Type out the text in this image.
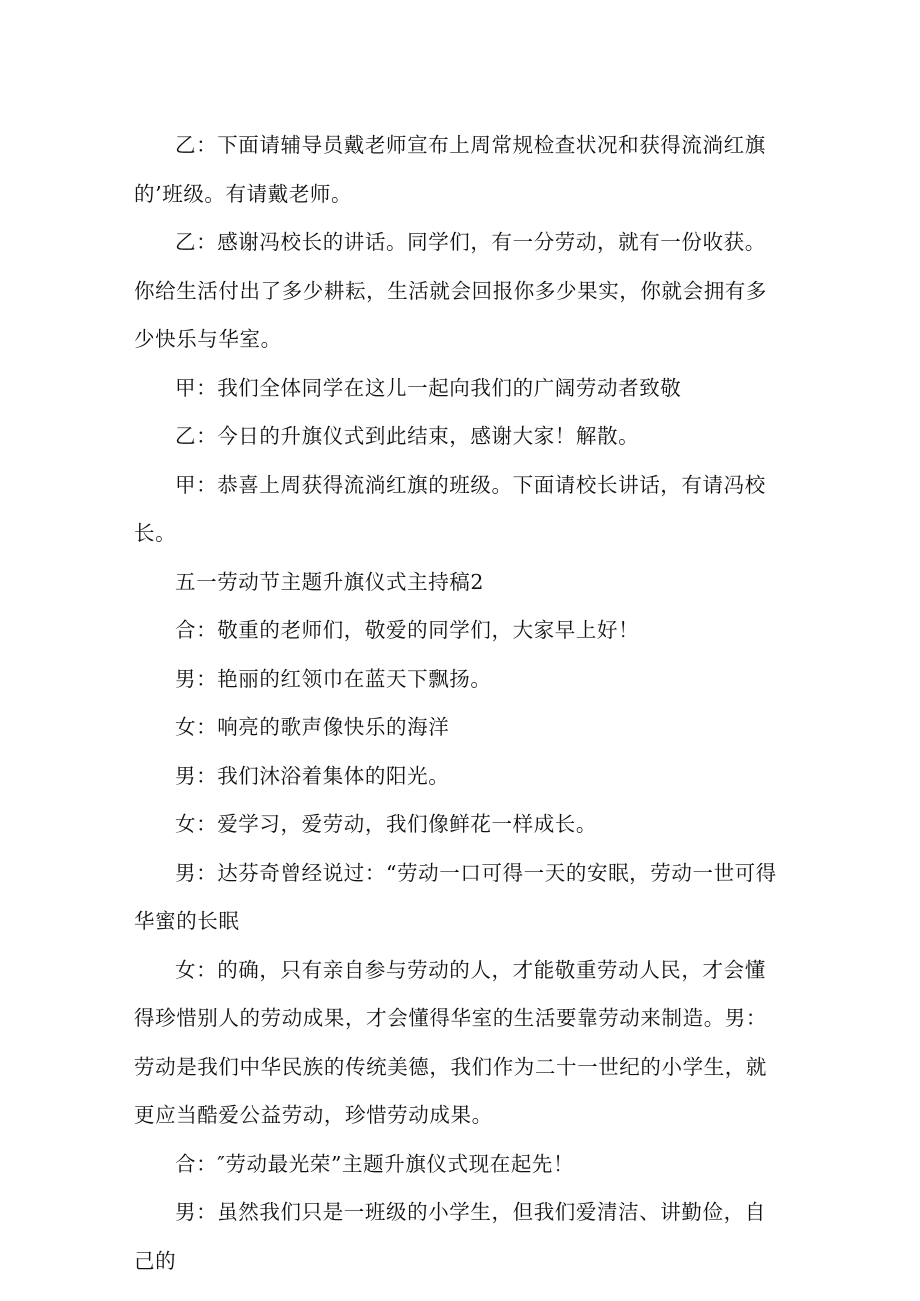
乙：下面请辅导员戴老师宣布上周常规检查状况和获得流淌红旗的’班级。有请戴老师。

乙：感谢冯校长的讲话。同学们，有一分劳动，就有一份收获。你给生活付出了多少耕耘，生活就会回报你多少果实，你就会拥有多少快乐与华室。

甲：我们全体同学在这儿一起向我们的广阔劳动者致敬

乙：今日的升旗仪式到此结束，感谢大家！解散。

甲：恭喜上周获得流淌红旗的班级。下面请校长讲话，有请冯校长。

五一劳动节主题升旗仪式主持稿2

合：敬重的老师们，敬爱的同学们，大家早上好！

男：艳丽的红领巾在蓝天下飘扬。

女：响亮的歌声像快乐的海洋

男：我们沐浴着集体的阳光。

女：爱学习，爱劳动，我们像鲜花一样成长。

男：达芬奇曾经说过：“劳动一口可得一天的安眠，劳动一世可得华蜜的长眠

女：的确，只有亲自参与劳动的人，才能敬重劳动人民，才会懂得珍惜别人的劳动成果，才会懂得华室的生活要靠劳动来制造。男：劳动是我们中华民族的传统美德，我们作为二十一世纪的小学生，就更应当酷爱公益劳动，珍惜劳动成果。

合：″劳动最光荣”主题升旗仪式现在起先！

男：虽然我们只是一班级的小学生，但我们爱清洁、讲勤俭，自己的
